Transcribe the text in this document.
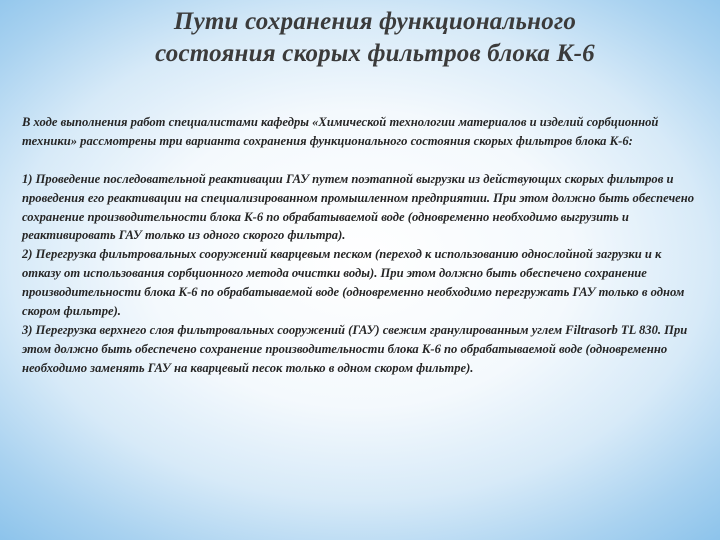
Пути сохранения функционального
состояния скорых фильтров блока К-6

В ходе выполнения работ специалистами кафедры «Химической технологии материалов и изделий сорбционной техники» рассмотрены три варианта сохранения функционального состояния скорых фильтров блока К-6:

1) Проведение последовательной реактивации ГАУ путем поэтапной выгрузки из действующих скорых фильтров и проведения его реактивации на специализированном промышленном предприятии. При этом должно быть обеспечено сохранение производительности блока К-6 по обрабатываемой воде (одновременно необходимо выгрузить и реактивировать ГАУ только из одного скорого фильтра).

2) Перегрузка фильтровальных сооружений кварцевым песком (переход к использованию однослойной загрузки и к отказу от использования сорбционного метода очистки воды). При этом должно быть обеспечено сохранение производительности блока К-6 по обрабатываемой воде (одновременно необходимо перегружать ГАУ только в одном скором фильтре).

3) Перегрузка верхнего слоя фильтровальных сооружений (ГАУ) свежим гранулированным углем Filtrasorb TL 830. При этом должно быть обеспечено сохранение производительности блока К-6 по обрабатываемой воде (одновременно необходимо заменять ГАУ на кварцевый песок только в одном скором фильтре).
